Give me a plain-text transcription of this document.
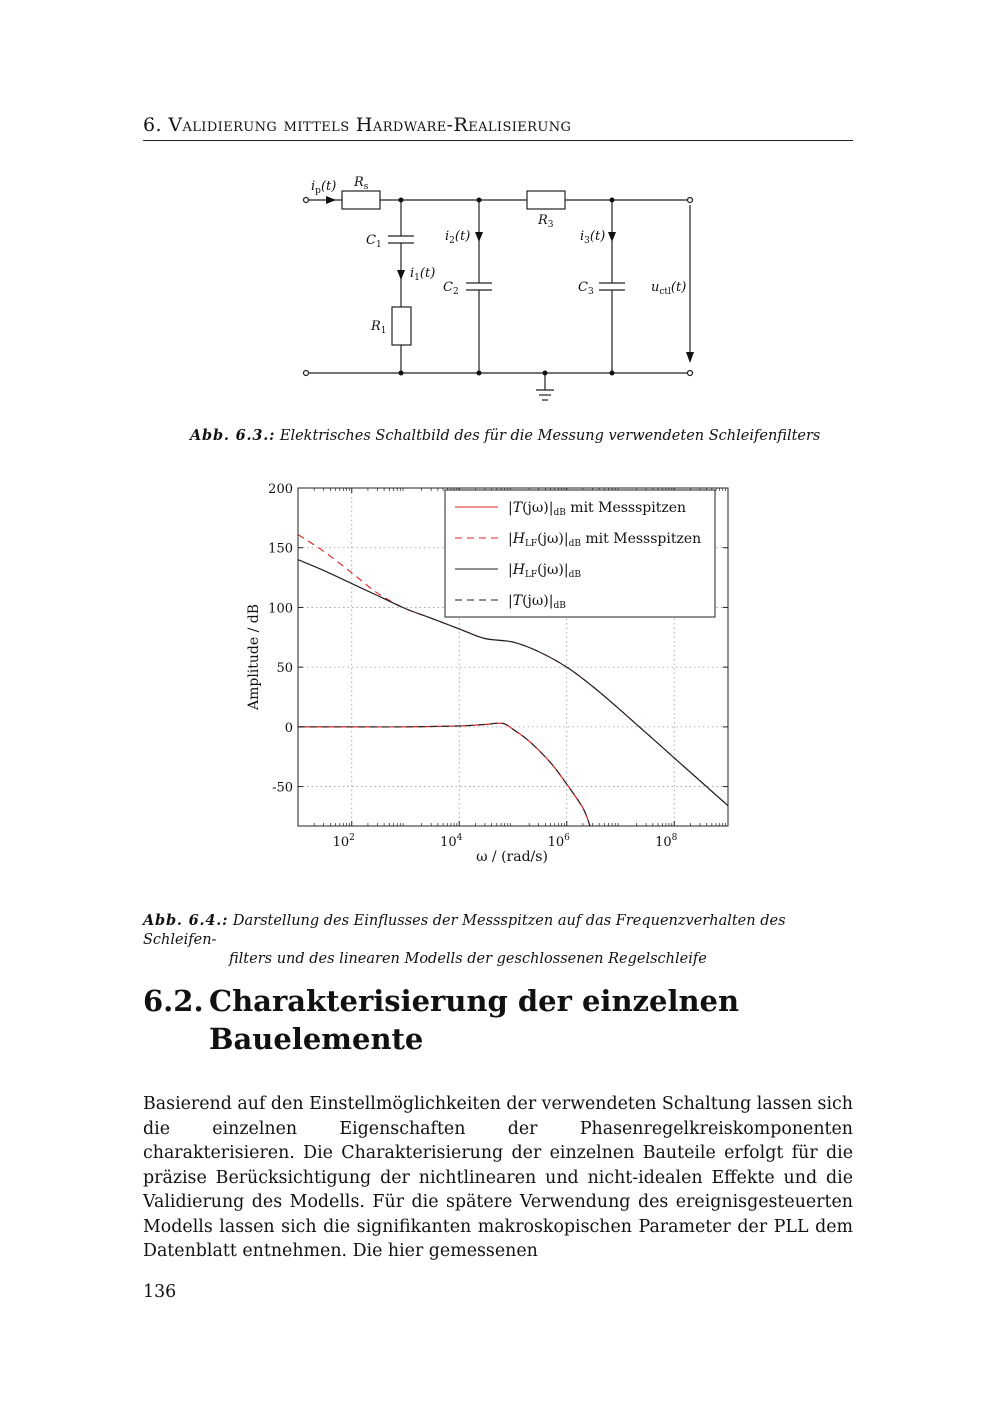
6. Validierung mittels Hardware-Realisierung
$i_p(t)$ $R_s$
$R_3$
$C_1$
$i_2(t)$	$i_3(t)$
$i_1(t)$
$C_2$	$C_3$	$u_{ctl}(t)$
$R_1$
Abb. 6.3.: Elektrisches Schaltbild des für die Messung verwendeten Schleifenfilters
200
150
100
50
0
-50
$10^2$	$10^4$	$10^6$	$10^8$
$|T(j\omega)|_{dB}$ mit Messspitzen
$|H_{LF}(j\omega)|_{dB}$ mit Messspitzen
$|H_{LF}(j\omega)|_{dB}$
$|T(j\omega)|_{dB}$
Amplitude / dB
ω / (rad/s)
Abb. 6.4.: Darstellung des Einflusses der Messspitzen auf das Frequenzverhalten des Schleifen-
filters und des linearen Modells der geschlossenen Regelschleife
6.2. Charakterisierung der einzelnen
Bauelemente

Basierend auf den Einstellmöglichkeiten der verwendeten Schaltung lassen sich die einzelnen Eigenschaften der Phasenregelkreiskomponenten charakterisieren. Die Charakterisierung der einzelnen Bauteile erfolgt für die präzise Berücksichtigung der nichtlinearen und nicht-idealen Effekte und die Validierung des Modells. Für die spätere Verwendung des ereignisgesteuerten Modells lassen sich die signifikanten makroskopischen Parameter der PLL dem Datenblatt entnehmen. Die hier gemessenen

136
